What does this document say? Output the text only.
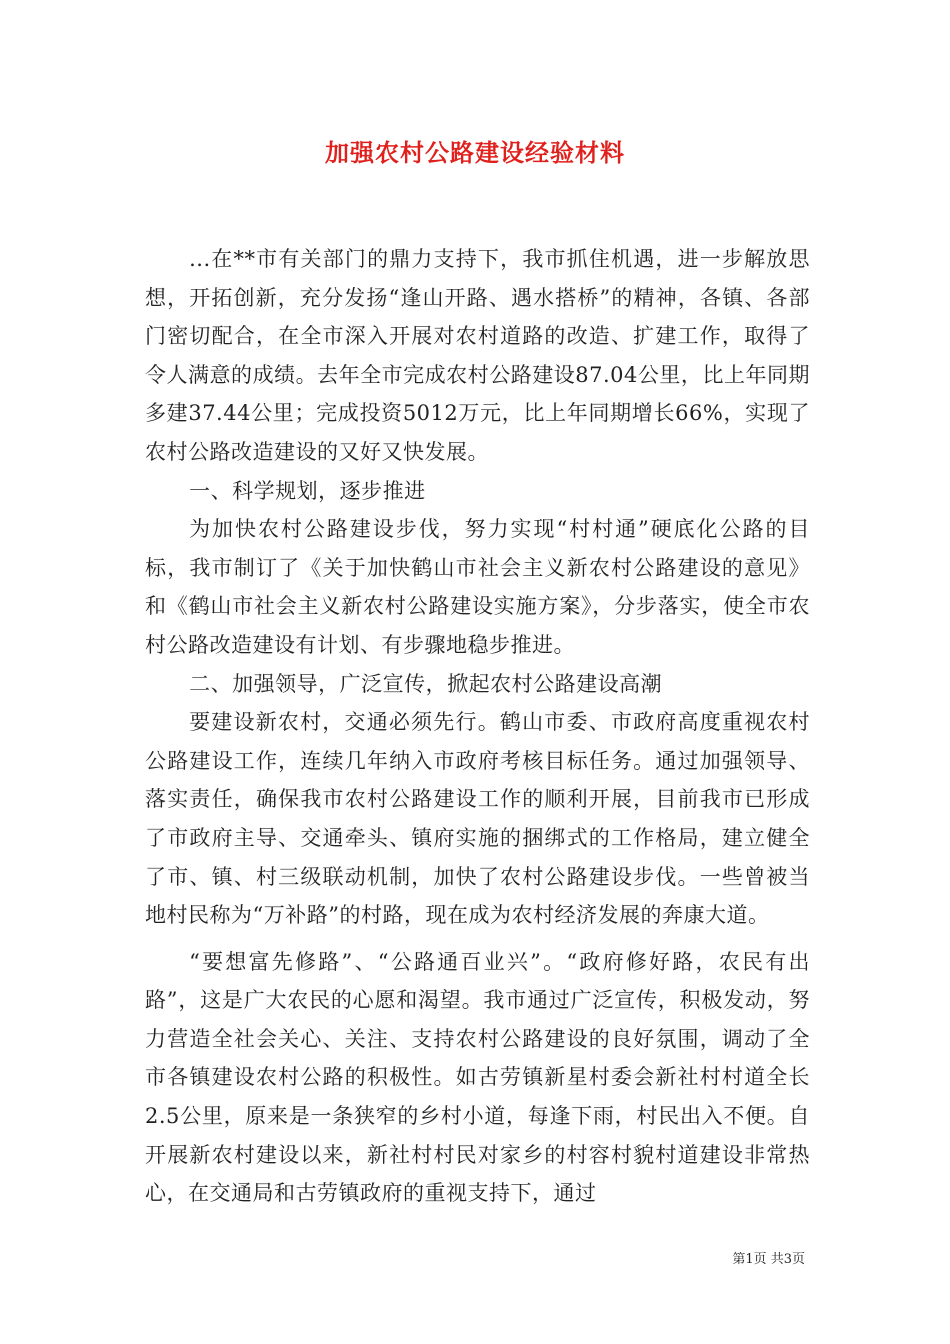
加强农村公路建设经验材料

...在**市有关部门的鼎力支持下，我市抓住机遇，进一步解放思想，开拓创新，充分发扬“逢山开路、遇水搭桥”的精神，各镇、各部门密切配合，在全市深入开展对农村道路的改造、扩建工作，取得了令人满意的成绩。去年全市完成农村公路建设87.04公里，比上年同期多建37.44公里；完成投资5012万元，比上年同期增长66%，实现了农村公路改造建设的又好又快发展。

一、科学规划，逐步推进

为加快农村公路建设步伐，努力实现“村村通”硬底化公路的目标，我市制订了《关于加快鹤山市社会主义新农村公路建设的意见》和《鹤山市社会主义新农村公路建设实施方案》，分步落实，使全市农村公路改造建设有计划、有步骤地稳步推进。

二、加强领导，广泛宣传，掀起农村公路建设高潮

要建设新农村，交通必须先行。鹤山市委、市政府高度重视农村公路建设工作，连续几年纳入市政府考核目标任务。通过加强领导、落实责任，确保我市农村公路建设工作的顺利开展，目前我市已形成了市政府主导、交通牵头、镇府实施的捆绑式的工作格局，建立健全了市、镇、村三级联动机制，加快了农村公路建设步伐。一些曾被当地村民称为“万补路”的村路，现在成为农村经济发展的奔康大道。

“要想富先修路”、“公路通百业兴”。“政府修好路，农民有出路”，这是广大农民的心愿和渴望。我市通过广泛宣传，积极发动，努力营造全社会关心、关注、支持农村公路建设的良好氛围，调动了全市各镇建设农村公路的积极性。如古劳镇新星村委会新社村村道全长2.5公里，原来是一条狭窄的乡村小道，每逢下雨，村民出入不便。自开展新农村建设以来，新社村村民对家乡的村容村貌村道建设非常热心，在交通局和古劳镇政府的重视支持下，通过

第1页 共3页
